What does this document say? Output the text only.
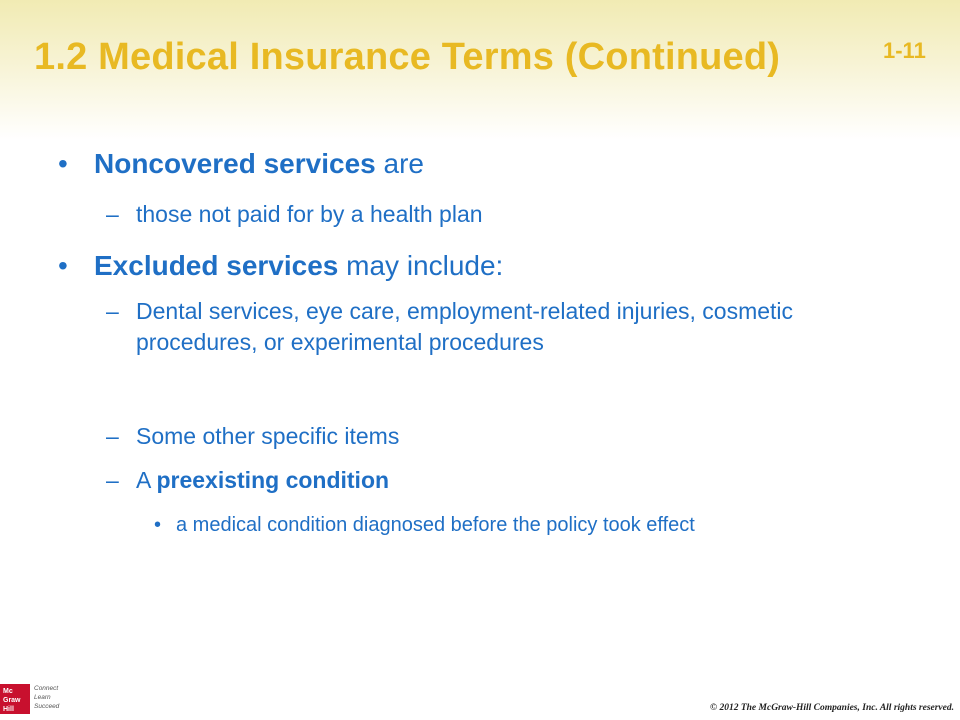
1.2 Medical Insurance Terms (Continued)	1-11
• Noncovered services are
– those not paid for by a health plan
• Excluded services may include:
– Dental services, eye care, employment-related injuries, cosmetic procedures, or experimental procedures
– Some other specific items
– A preexisting condition
• a medical condition diagnosed before the policy took effect
Mc
Graw
Hill
Connect
Learn
Succeed	© 2012 The McGraw-Hill Companies, Inc. All rights reserved.
